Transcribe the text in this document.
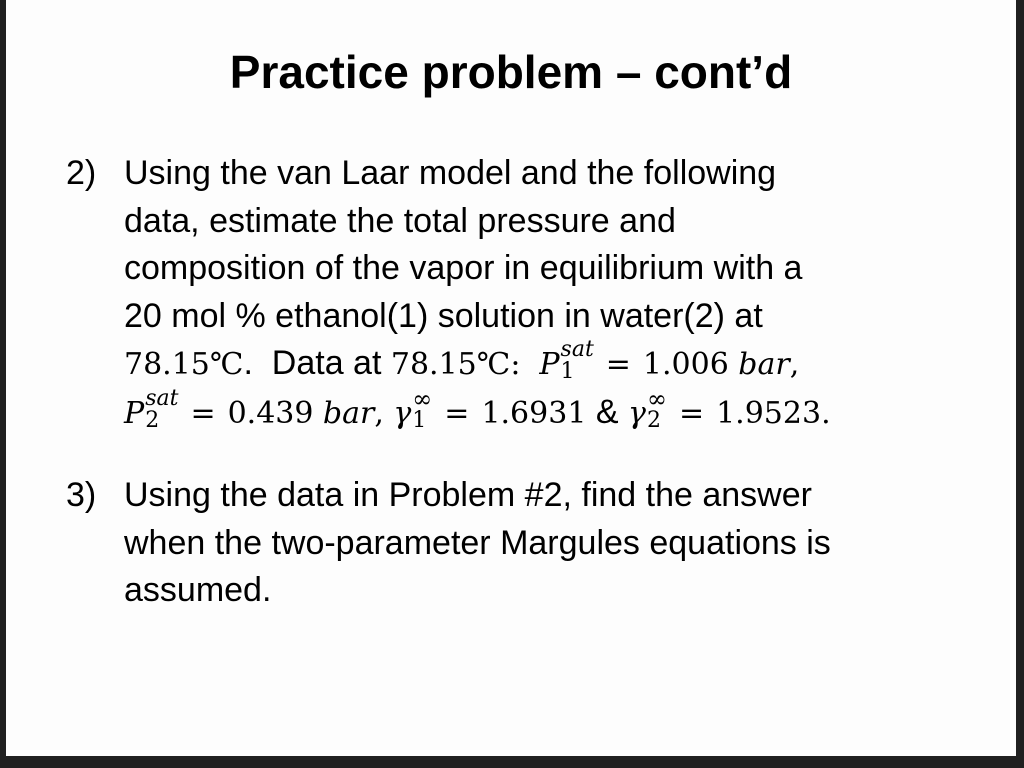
Practice problem – cont’d
2) Using the van Laar model and the following
data, estimate the total pressure and
composition of the vapor in equilibrium with a
20 mol % ethanol(1) solution in water(2) at
78.15℃.  Data at 78.15℃: P sat
1	= 1.006 bar,
P sat
2	= 0.439 bar, γ ∞
1 = 1.6931 & γ ∞
2 = 1.9523.
3) Using the data in Problem #2, find the answer
when the two-parameter Margules equations is
assumed.
